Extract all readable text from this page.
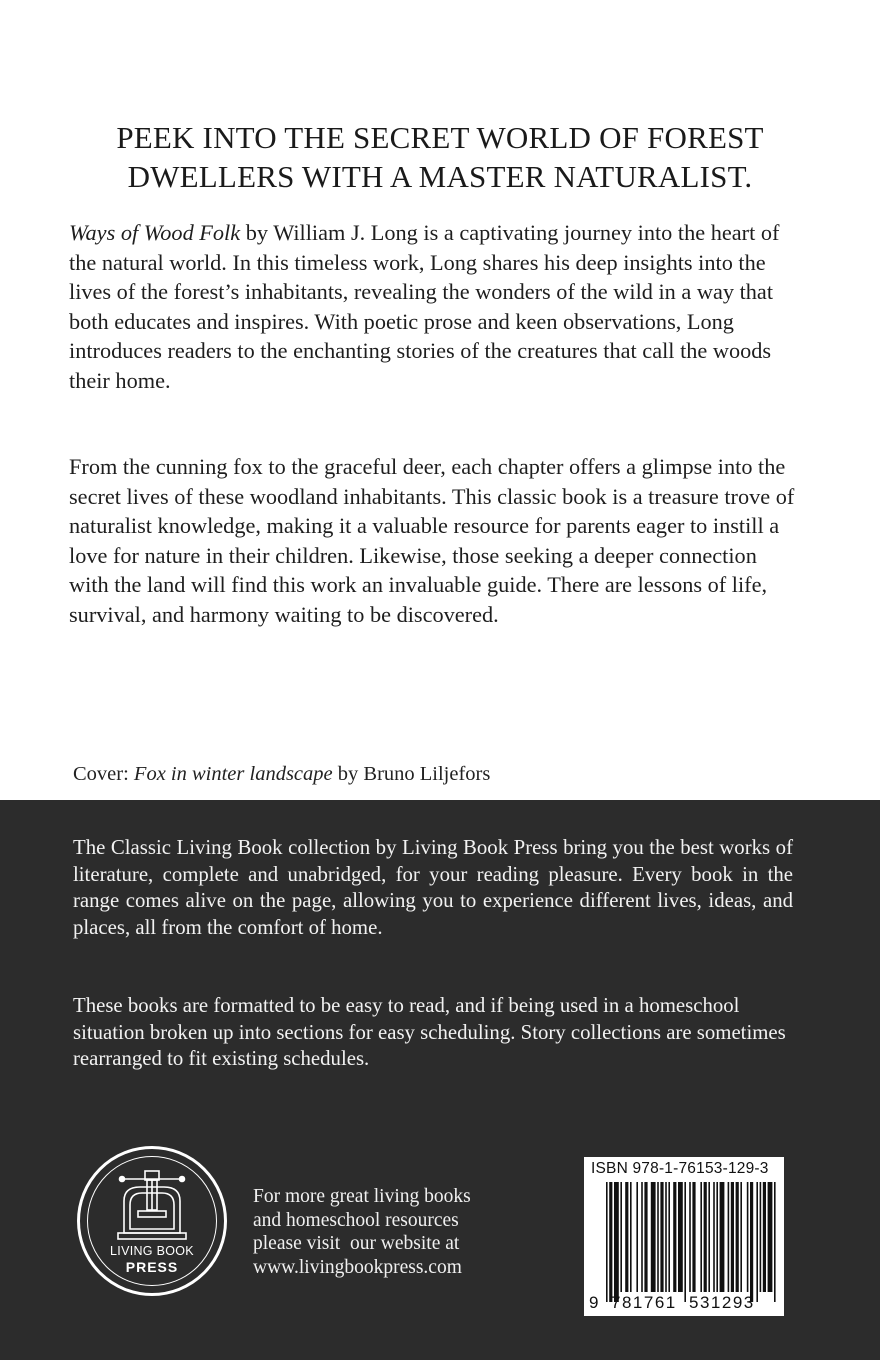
PEEK INTO THE SECRET WORLD OF FOREST
DWELLERS WITH A MASTER NATURALIST.
Ways of Wood Folk by William J. Long is a captivating journey into the heart of the natural world. In this timeless work, Long shares his deep insights into the lives of the forest’s inhabitants, revealing the wonders of the wild in a way that both educates and inspires. With poetic prose and keen observations, Long introduces readers to the enchanting stories of the creatures that call the woods their home.
From the cunning fox to the graceful deer, each chapter offers a glimpse into the secret lives of these woodland inhabitants. This classic book is a treasure trove of naturalist knowledge, making it a valuable resource for parents eager to instill a love for nature in their children. Likewise, those seeking a deeper connection with the land will find this work an invaluable guide. There are lessons of life, survival, and harmony waiting to be discovered.
Cover: Fox in winter landscape by Bruno Liljefors
The Classic Living Book collection by Living Book Press bring you the best works of literature, complete and unabridged, for your reading pleasure. Every book in the range comes alive on the page, allowing you to experience different lives, ideas, and places, all from the comfort of home.
These books are formatted to be easy to read, and if being used in a homeschool situation broken up into sections for easy scheduling. Story collections are sometimes rearranged to fit existing schedules.
LIVING BOOK
PRESS
For more great living books
and homeschool resources
please visit  our website at
www.livingbookpress.com
ISBN 978-1-76153-129-3
9 781761 531293
